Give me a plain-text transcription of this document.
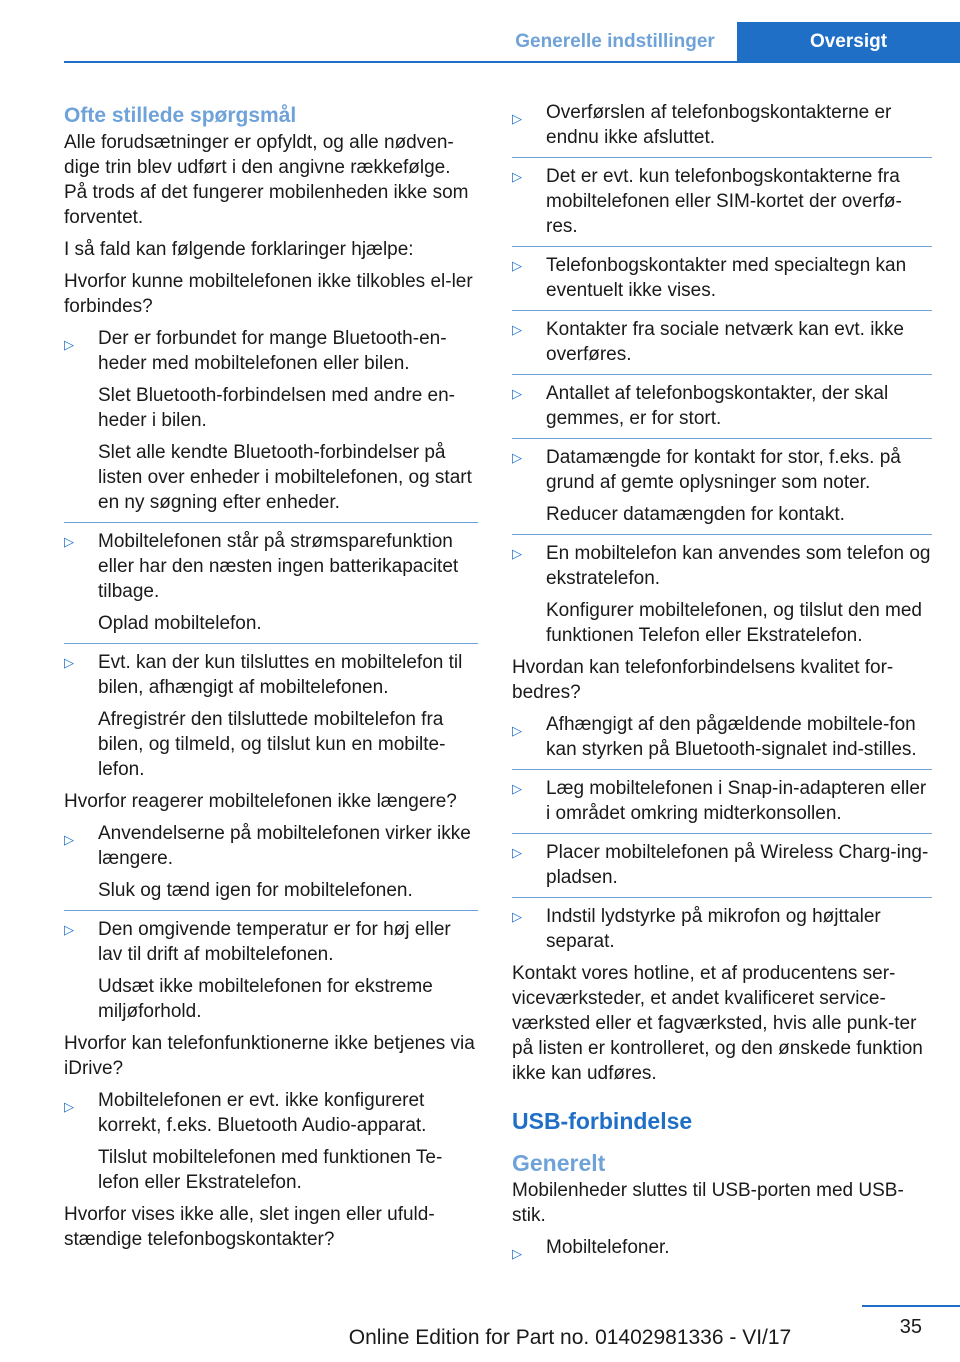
Generelle indstillinger	Oversigt
Ofte stillede spørgsmål

Alle forudsætninger er opfyldt, og alle nødven-dige trin blev udført i den angivne rækkefølge. På trods af det fungerer mobilenheden ikke som forventet.

I så fald kan følgende forklaringer hjælpe:

Hvorfor kunne mobiltelefonen ikke tilkobles el-ler forbindes?

▷ Der er forbundet for mange Bluetooth-en-heder med mobiltelefonen eller bilen.

Slet Bluetooth-forbindelsen med andre en-heder i bilen.

Slet alle kendte Bluetooth-forbindelser på listen over enheder i mobiltelefonen, og start en ny søgning efter enheder.

▷ Mobiltelefonen står på strømsparefunktion eller har den næsten ingen batterikapacitet tilbage.

Oplad mobiltelefon.

▷ Evt. kan der kun tilsluttes en mobiltelefon til bilen, afhængigt af mobiltelefonen.

Afregistrér den tilsluttede mobiltelefon fra bilen, og tilmeld, og tilslut kun en mobilte-lefon.

Hvorfor reagerer mobiltelefonen ikke længere?

▷ Anvendelserne på mobiltelefonen virker ikke længere.

Sluk og tænd igen for mobiltelefonen.

▷ Den omgivende temperatur er for høj eller lav til drift af mobiltelefonen.

Udsæt ikke mobiltelefonen for ekstreme miljøforhold.

Hvorfor kan telefonfunktionerne ikke betjenes via iDrive?

▷ Mobiltelefonen er evt. ikke konfigureret korrekt, f.eks. Bluetooth Audio-apparat.

Tilslut mobiltelefonen med funktionen Te-lefon eller Ekstratelefon.

Hvorfor vises ikke alle, slet ingen eller ufuld-stændige telefonbogskontakter?

▷ Overførslen af telefonbogskontakterne er endnu ikke afsluttet.

▷ Det er evt. kun telefonbogskontakterne fra mobiltelefonen eller SIM-kortet der overfø-res.

▷ Telefonbogskontakter med specialtegn kan eventuelt ikke vises.

▷ Kontakter fra sociale netværk kan evt. ikke overføres.

▷ Antallet af telefonbogskontakter, der skal gemmes, er for stort.

▷ Datamængde for kontakt for stor, f.eks. på grund af gemte oplysninger som noter.

Reducer datamængden for kontakt.

▷ En mobiltelefon kan anvendes som telefon og ekstratelefon.

Konfigurer mobiltelefonen, og tilslut den med funktionen Telefon eller Ekstratelefon.

Hvordan kan telefonforbindelsens kvalitet for-bedres?

▷ Afhængigt af den pågældende mobiltele-fon kan styrken på Bluetooth-signalet ind-stilles.

▷ Læg mobiltelefonen i Snap-in-adapteren eller i området omkring midterkonsollen.

▷ Placer mobiltelefonen på Wireless Charg-ing-pladsen.

▷ Indstil lydstyrke på mikrofon og højttaler separat.

Kontakt vores hotline, et af producentens ser-viceværksteder, et andet kvalificeret service-værksted eller et fagværksted, hvis alle punk-ter på listen er kontrolleret, og den ønskede funktion ikke kan udføres.

USB-forbindelse
Generelt

Mobilenheder sluttes til USB-porten med USB-stik.

▷ Mobiltelefoner.

35
Online Edition for Part no. 01402981336 - VI/17
